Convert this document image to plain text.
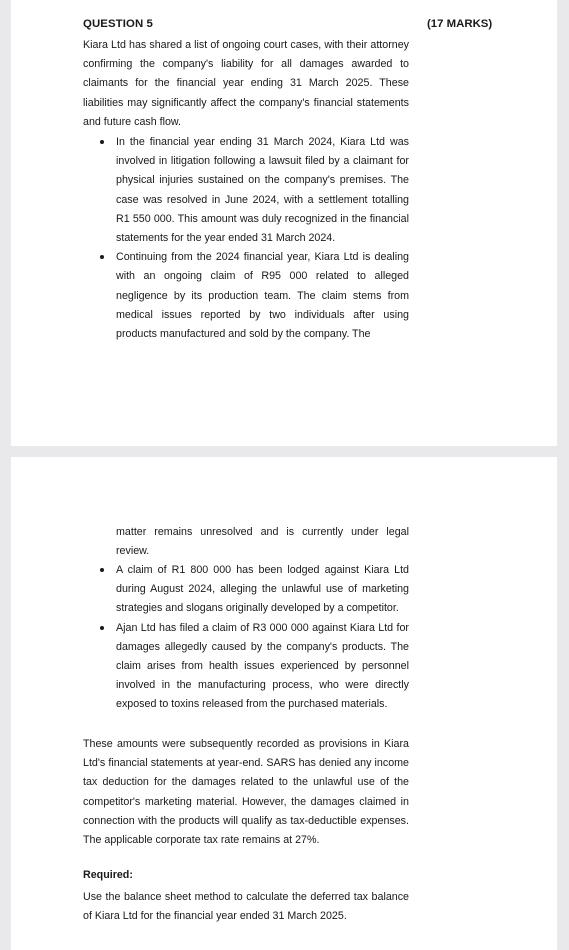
QUESTION 5	(17 MARKS)

Kiara Ltd has shared a list of ongoing court cases, with their attorney confirming the company's liability for all damages awarded to claimants for the financial year ending 31 March 2025. These liabilities may significantly affect the company's financial statements and future cash flow.

In the financial year ending 31 March 2024, Kiara Ltd was involved in litigation following a lawsuit filed by a claimant for physical injuries sustained on the company's premises. The case was resolved in June 2024, with a settlement totalling R1 550 000. This amount was duly recognized in the financial statements for the year ended 31 March 2024.
Continuing from the 2024 financial year, Kiara Ltd is dealing with an ongoing claim of R95 000 related to alleged negligence by its production team. The claim stems from medical issues reported by two individuals after using products manufactured and sold by the company. The

matter remains unresolved and is currently under legal review.

A claim of R1 800 000 has been lodged against Kiara Ltd during August 2024, alleging the unlawful use of marketing strategies and slogans originally developed by a competitor.
Ajan Ltd has filed a claim of R3 000 000 against Kiara Ltd for damages allegedly caused by the company's products. The claim arises from health issues experienced by personnel involved in the manufacturing process, who were directly exposed to toxins released from the purchased materials.

These amounts were subsequently recorded as provisions in Kiara Ltd's financial statements at year-end. SARS has denied any income tax deduction for the damages related to the unlawful use of the competitor's marketing material. However, the damages claimed in connection with the products will qualify as tax-deductible expenses. The applicable corporate tax rate remains at 27%.

Required:

Use the balance sheet method to calculate the deferred tax balance of Kiara Ltd for the financial year ended 31 March 2025.
